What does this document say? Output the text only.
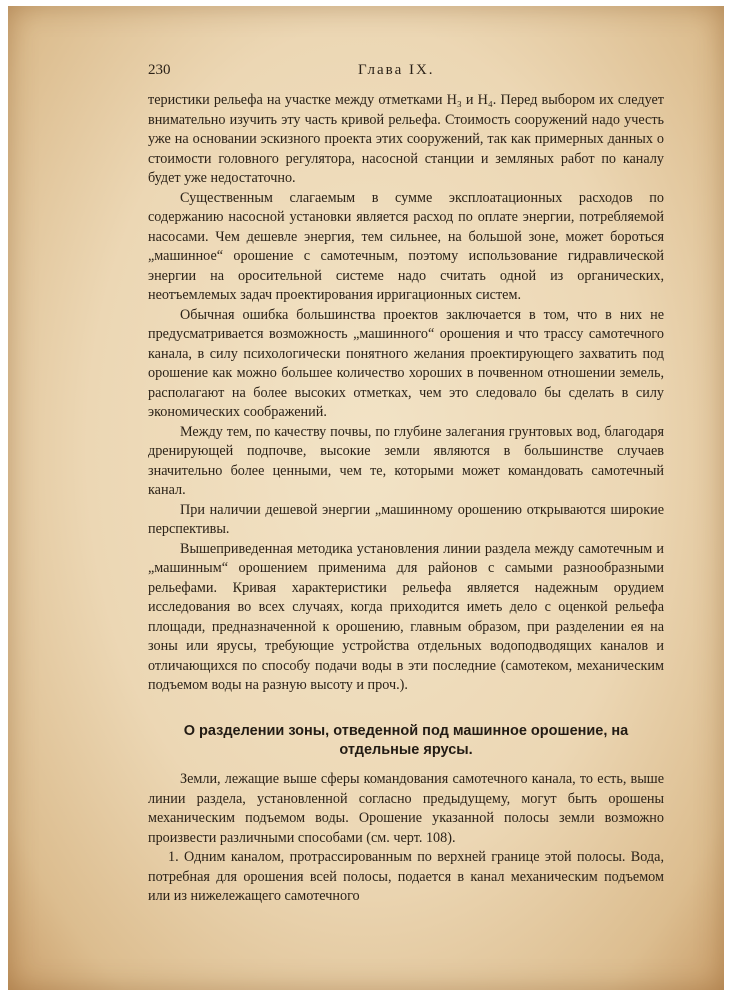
230	Глава IX.

теристики рельефа на участке между отметками H₃ и H₄. Перед выбором их следует внимательно изучить эту часть кривой рельефа. Стоимость сооружений надо учесть уже на основании эскизного проекта этих сооружений, так как примерных данных о стоимости головного регулятора, насосной станции и земляных работ по каналу будет уже недостаточно.

Существенным слагаемым в сумме эксплоатационных расходов по содержанию насосной установки является расход по оплате энергии, потребляемой насосами. Чем дешевле энергия, тем сильнее, на большой зоне, может бороться „машинное“ орошение с самотечным, поэтому использование гидравлической энергии на оросительной системе надо считать одной из органических, неотъемлемых задач проектирования ирригационных систем.

Обычная ошибка большинства проектов заключается в том, что в них не предусматривается возможность „машинного“ орошения и что трассу самотечного канала, в силу психологически понятного желания проектирующего захватить под орошение как можно большее количество хороших в почвенном отношении земель, располагают на более высоких отметках, чем это следовало бы сделать в силу экономических соображений.

Между тем, по качеству почвы, по глубине залегания грунтовых вод, благодаря дренирующей подпочве, высокие земли являются в большинстве случаев значительно более ценными, чем те, которыми может командовать самотечный канал.

При наличии дешевой энергии „машинному орошению открываются широкие перспективы.

Вышеприведенная методика установления линии раздела между самотечным и „машинным“ орошением применима для районов с самыми разнообразными рельефами. Кривая характеристики рельефа является надежным орудием исследования во всех случаях, когда приходится иметь дело с оценкой рельефа площади, предназначенной к орошению, главным образом, при разделении ея на зоны или ярусы, требующие устройства отдельных водоподводящих каналов и отличающихся по способу подачи воды в эти последние (самотеком, механическим подъемом воды на разную высоту и проч.).

О разделении зоны, отведенной под машинное орошение, на отдельные ярусы.

Земли, лежащие выше сферы командования самотечного канала, то есть, выше линии раздела, установленной согласно предыдущему, могут быть орошены механическим подъемом воды. Орошение указанной полосы земли возможно произвести различными способами (см. черт. 108).

1. Одним каналом, протрассированным по верхней границе этой полосы. Вода, потребная для орошения всей полосы, подается в канал механическим подъемом или из нижележащего самотечного
